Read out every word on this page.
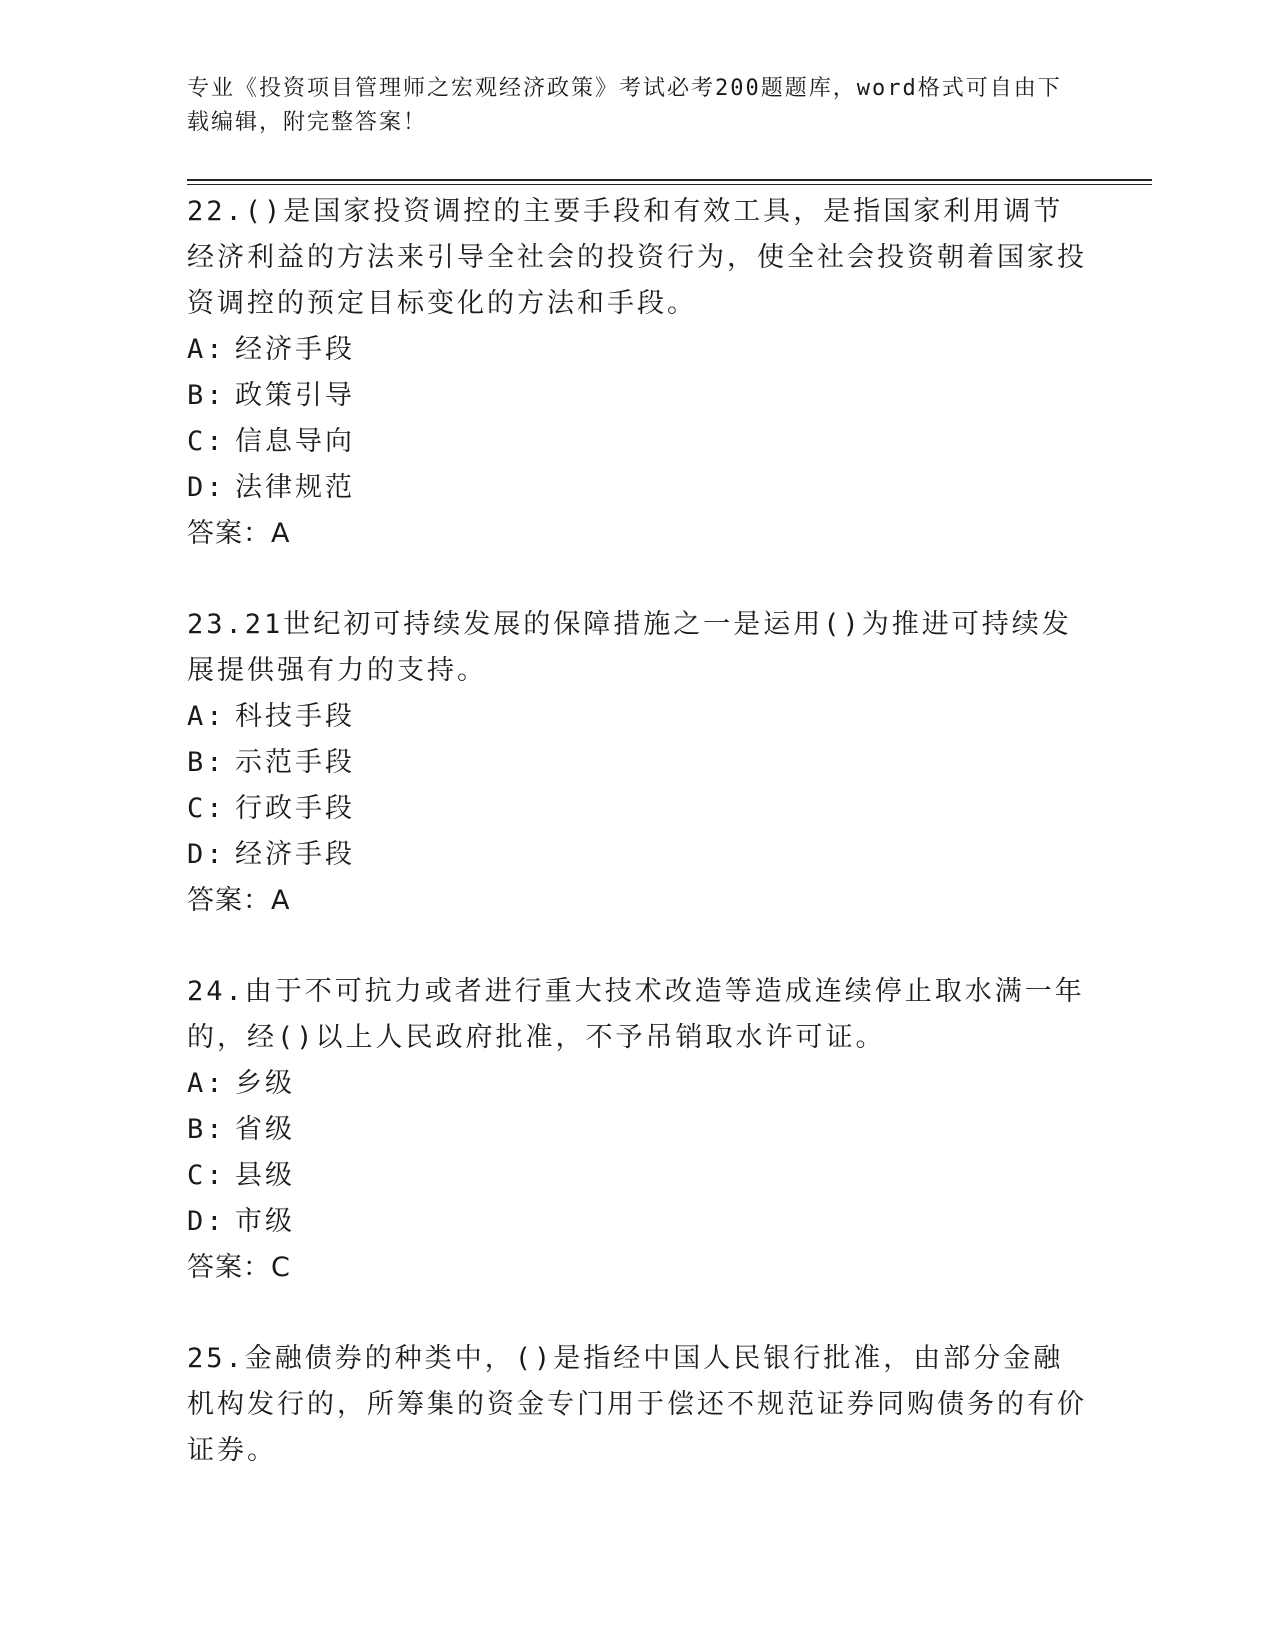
专业《投资项目管理师之宏观经济政策》考试必考200题题库，word格式可自由下载编辑，附完整答案！

22.()是国家投资调控的主要手段和有效工具，是指国家利用调节经济利益的方法来引导全社会的投资行为，使全社会投资朝着国家投资调控的预定目标变化的方法和手段。

A: 经济手段
B: 政策引导
C: 信息导向
D: 法律规范
答案：A

23.21世纪初可持续发展的保障措施之一是运用()为推进可持续发展提供强有力的支持。

A: 科技手段
B: 示范手段
C: 行政手段
D: 经济手段
答案：A

24.由于不可抗力或者进行重大技术改造等造成连续停止取水满一年的，经()以上人民政府批准，不予吊销取水许可证。

A: 乡级
B: 省级
C: 县级
D: 市级
答案：C

25.金融债券的种类中，()是指经中国人民银行批准，由部分金融机构发行的，所筹集的资金专门用于偿还不规范证券同购债务的有价证券。
